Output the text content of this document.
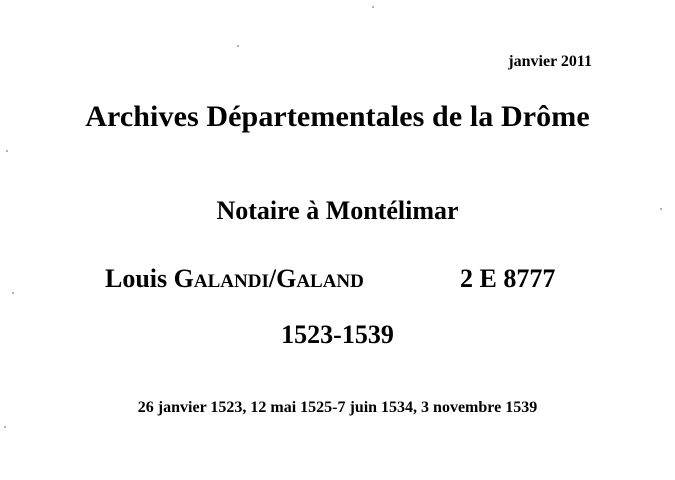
janvier 2011
Archives Départementales de la Drôme
Notaire à Montélimar
Louis GALANDI/GALAND	2 E 8777
1523-1539
26 janvier 1523, 12 mai 1525-7 juin 1534, 3 novembre 1539
